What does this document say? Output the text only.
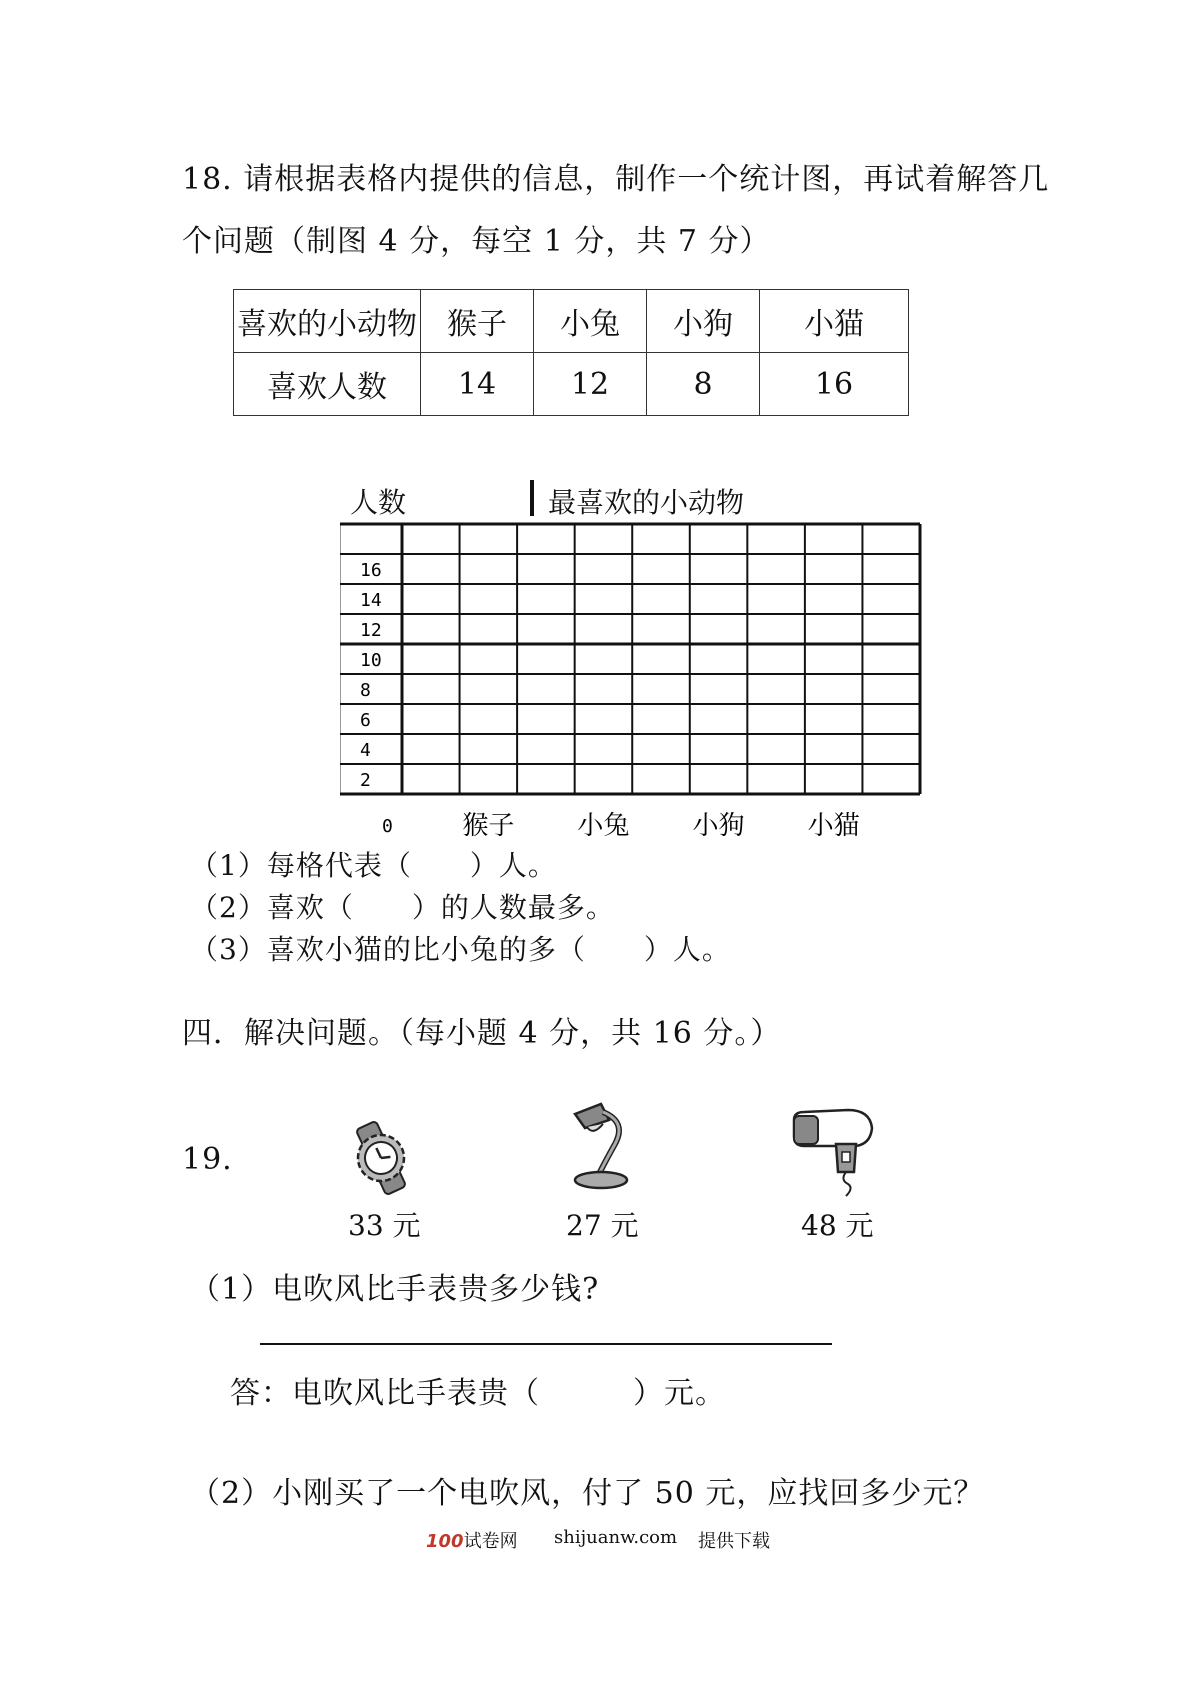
18. 请根据表格内提供的信息，制作一个统计图，再试着解答几
个问题（制图 4 分，每空 1 分，共 7 分）
喜欢的小动物	猴子	小兔	小狗	小猫
喜欢人数	14	12	8	16
人数	最喜欢的小动物
16
14
12
10
8
6
4
2
0	猴子 小兔 小狗 小猫
（1）每格代表（　　）人。
（2）喜欢（　　）的人数最多。
（3）喜欢小猫的比小兔的多（　　）人。
四．解决问题。（每小题 4 分，共 16 分。）
19.
33 元	27 元	48 元
（1）电吹风比手表贵多少钱?
答：电吹风比手表贵（　　　）元。
（2）小刚买了一个电吹风，付了 50 元，应找回多少元？
100试卷网 shijuanw.com 提供下载
